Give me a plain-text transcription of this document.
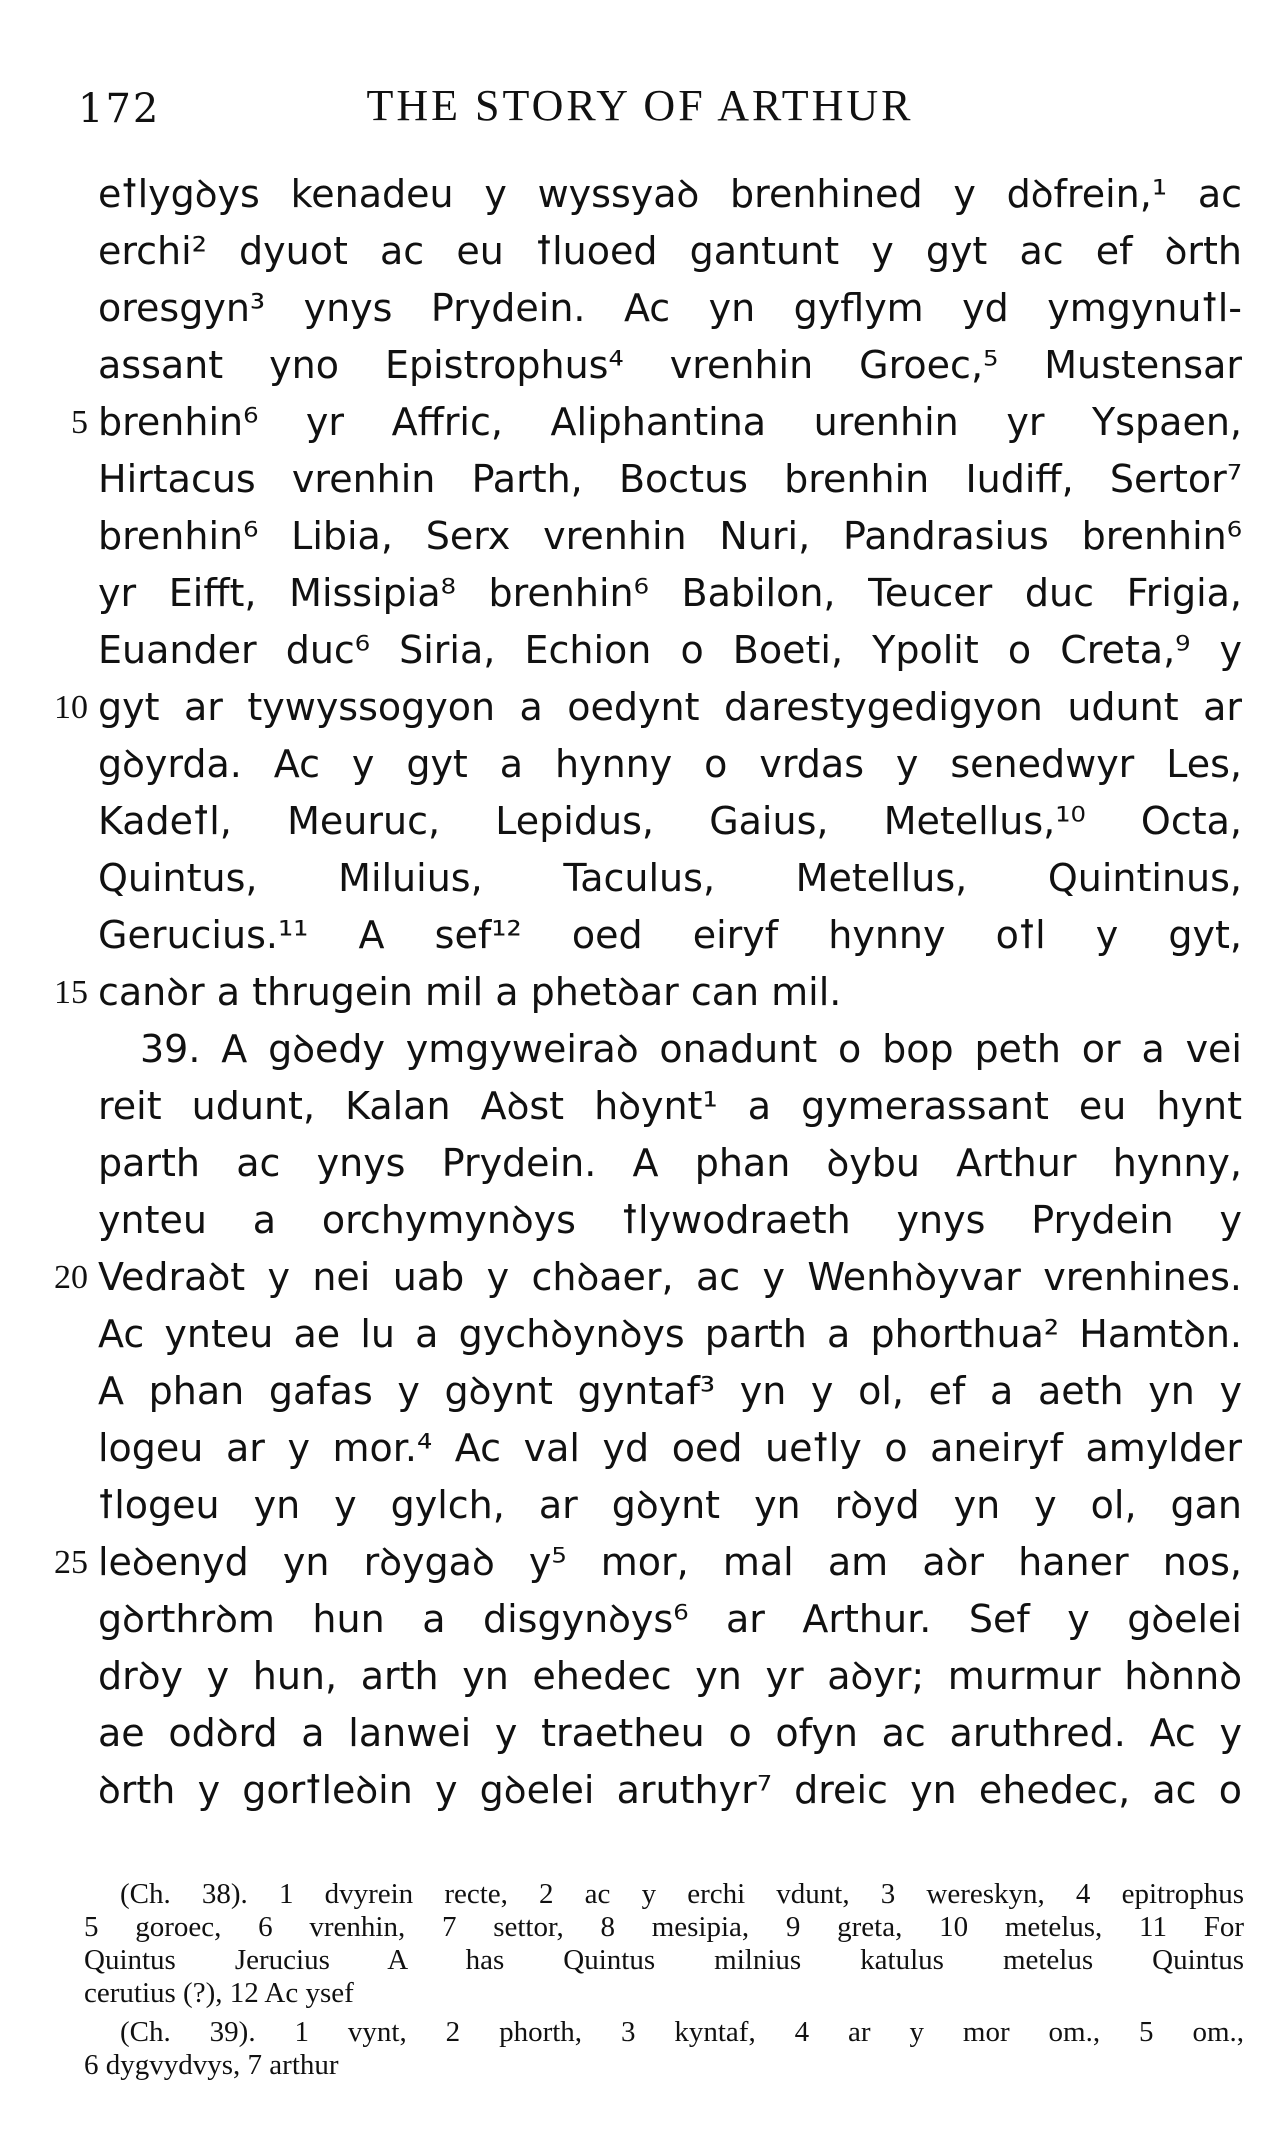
172	THE STORY OF ARTHUR
eꝉlygꝺys kenadeu y wyssyaꝺ brenhined y dꝺfrein,¹ ac
erchi² dyuot ac eu ꝉluoed gantunt y gyt ac ef ꝺrth
oresgyn³ ynys Prydein. Ac yn gyflym yd ymgynuꝉl-
assant yno Epistrophus⁴ vrenhin Groec,⁵ Mustensar
5 brenhin⁶ yr Affric, Aliphantina urenhin yr Yspaen,
Hirtacus vrenhin Parth, Boctus brenhin Iudiff, Sertor⁷
brenhin⁶ Libia, Serx vrenhin Nuri, Pandrasius brenhin⁶
yr Eifft, Missipia⁸ brenhin⁶ Babilon, Teucer duc Frigia,
Euander duc⁶ Siria, Echion o Boeti, Ypolit o Creta,⁹ y
10 gyt ar tywyssogyon a oedynt darestygedigyon udunt ar
gꝺyrda. Ac y gyt a hynny o vrdas y senedwyr Les,
Kadeꝉl, Meuruc, Lepidus, Gaius, Metellus,¹⁰ Octa,
Quintus, Miluius, Taculus, Metellus, Quintinus,
Gerucius.¹¹ A sef¹² oed eiryf hynny oꝉl y gyt,
15 canꝺr a thrugein mil a phetꝺar can mil.
39. A gꝺedy ymgyweiraꝺ onadunt o bop peth or a vei
reit udunt, Kalan Aꝺst hꝺynt¹ a gymerassant eu hynt
parth ac ynys Prydein. A phan ꝺybu Arthur hynny,
ynteu a orchymynꝺys ꝉlywodraeth ynys Prydein y
20 Vedraꝺt y nei uab y chꝺaer, ac y Wenhꝺyvar vrenhines.
Ac ynteu ae lu a gychꝺynꝺys parth a phorthua² Hamtꝺn.
A phan gafas y gꝺynt gyntaf³ yn y ol, ef a aeth yn y
logeu ar y mor.⁴ Ac val yd oed ueꝉly o aneiryf amylder
ꝉlogeu yn y gylch, ar gꝺynt yn rꝺyd yn y ol, gan
25 leꝺenyd yn rꝺygaꝺ y⁵ mor, mal am aꝺr haner nos,
gꝺrthrꝺm hun a disgynꝺys⁶ ar Arthur. Sef y gꝺelei
drꝺy y hun, arth yn ehedec yn yr aꝺyr; murmur hꝺnnꝺ
ae odꝺrd a lanwei y traetheu o ofyn ac aruthred. Ac y
ꝺrth y gorꝉleꝺin y gꝺelei aruthyr⁷ dreic yn ehedec, ac o
(Ch. 38). 1 dvyrein recte, 2 ac y erchi vdunt, 3 wereskyn, 4 epitrophus
5 goroec, 6 vrenhin, 7 settor, 8 mesipia, 9 greta, 10 metelus, 11 For
Quintus Jerucius A has Quintus milnius katulus metelus Quintus
cerutius (?), 12 Ac ysef
(Ch. 39). 1 vynt, 2 phorth, 3 kyntaf, 4 ar y mor om., 5 om.,
6 dygvydvys, 7 arthur
